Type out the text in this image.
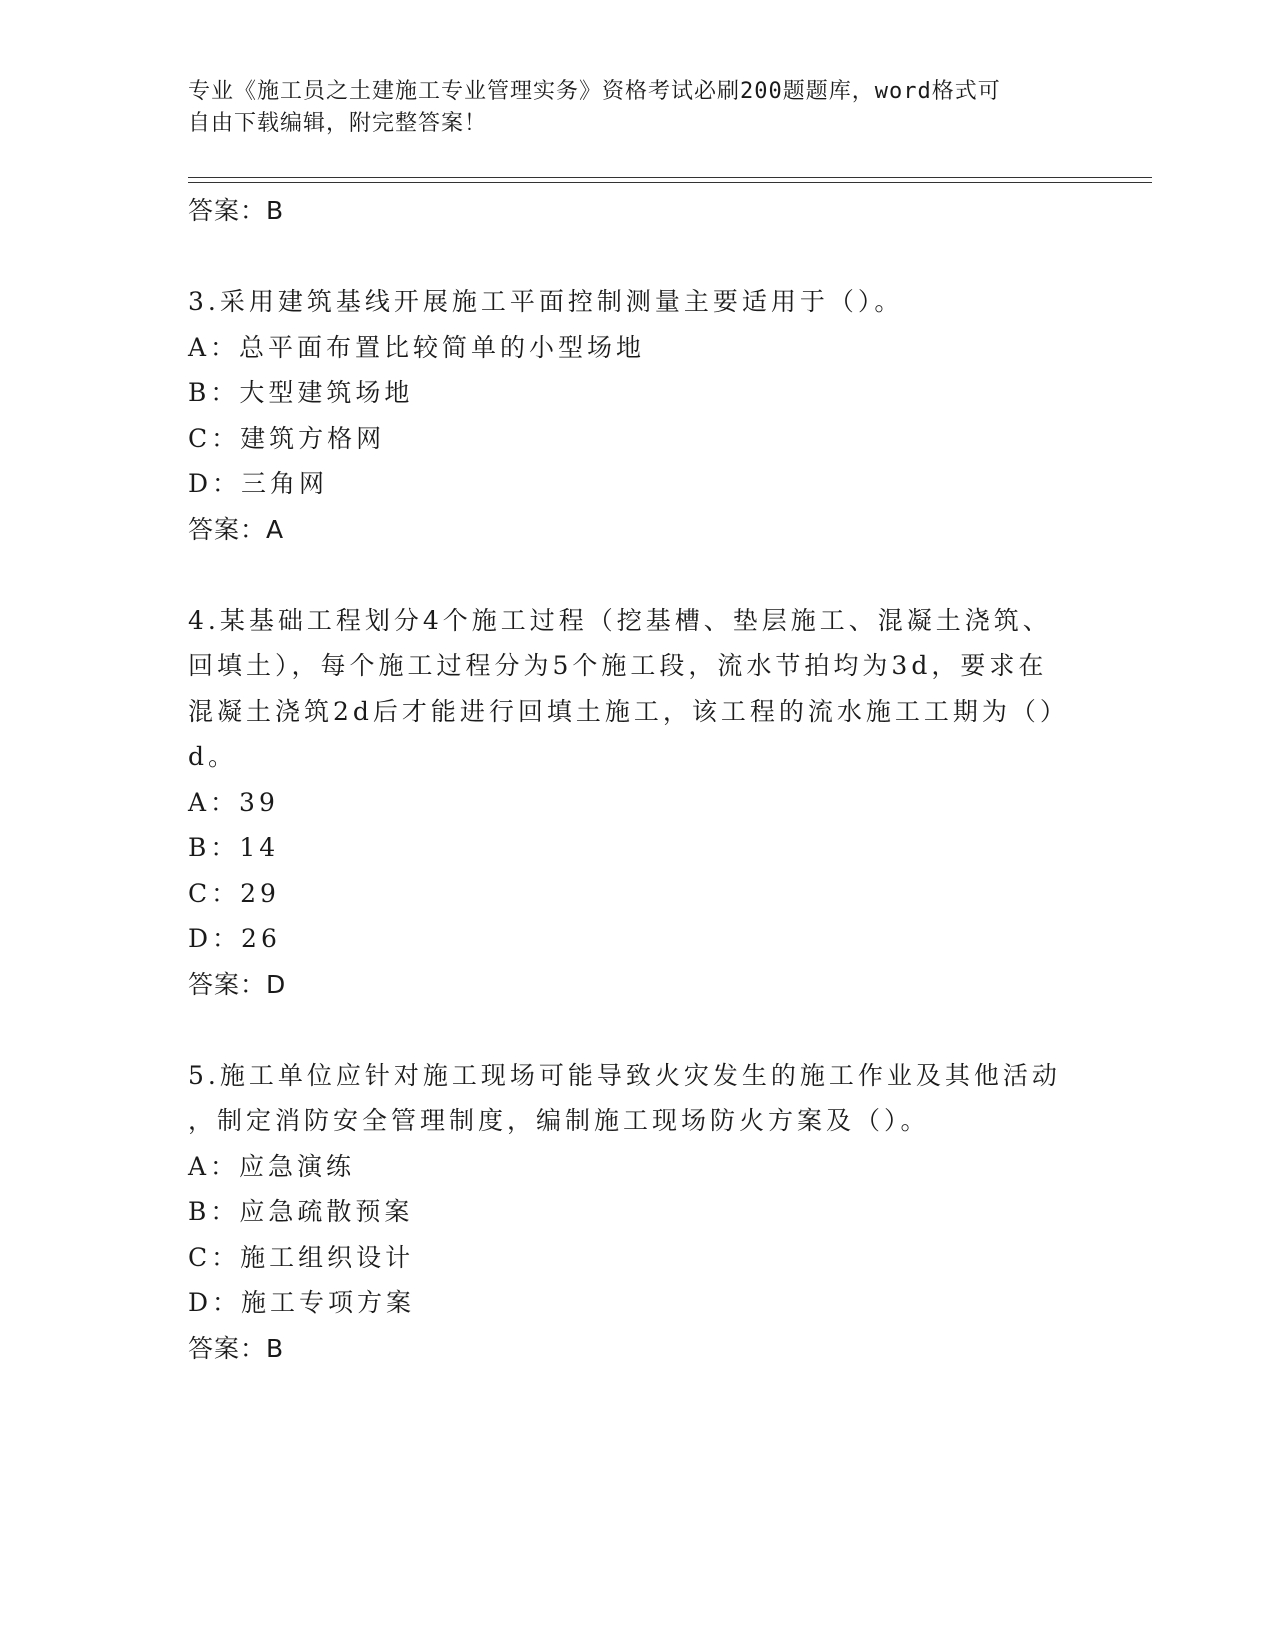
专业《施工员之土建施工专业管理实务》资格考试必刷200题题库，word格式可
自由下载编辑，附完整答案！
答案：B
3.采用建筑基线开展施工平面控制测量主要适用于（）。
A：总平面布置比较简单的小型场地
B：大型建筑场地
C：建筑方格网
D：三角网
答案：A
4.某基础工程划分4个施工过程（挖基槽、垫层施工、混凝土浇筑、
回填土），每个施工过程分为5个施工段，流水节拍均为3d，要求在
混凝土浇筑2d后才能进行回填土施工，该工程的流水施工工期为（）
d。
A：39
B：14
C：29
D：26
答案：D
5.施工单位应针对施工现场可能导致火灾发生的施工作业及其他活动
，制定消防安全管理制度，编制施工现场防火方案及（）。
A：应急演练
B：应急疏散预案
C：施工组织设计
D：施工专项方案
答案：B
